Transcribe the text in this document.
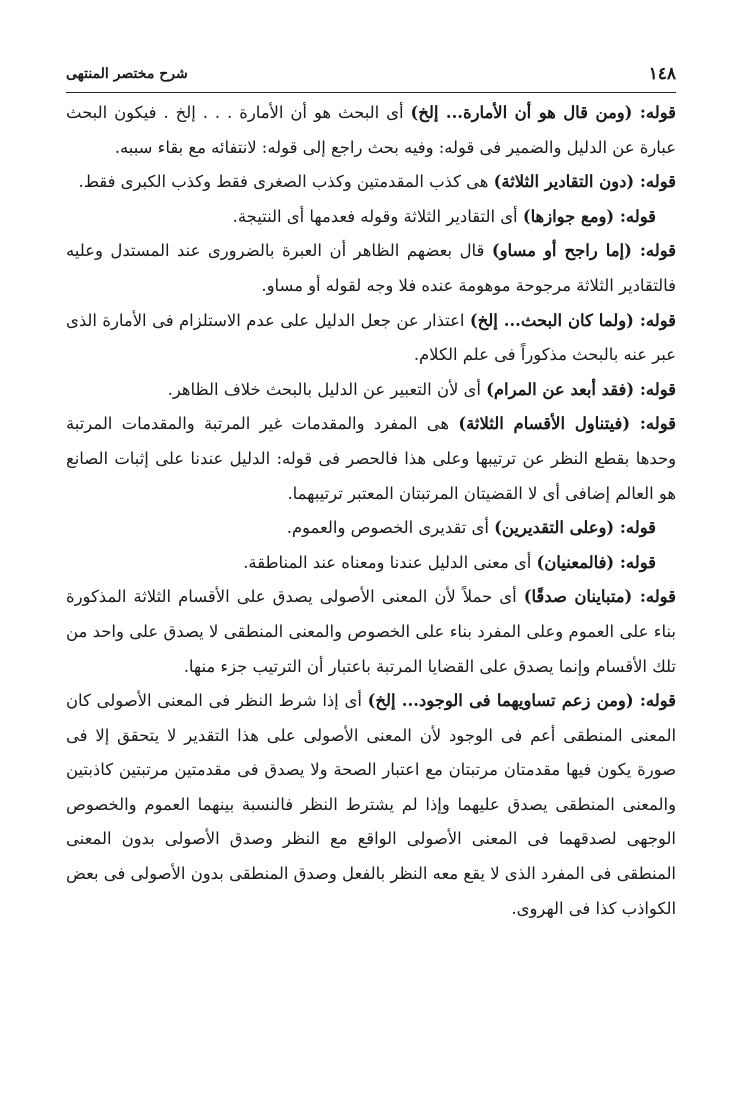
١٤٨
شرح مختصر المنتهى

قوله: (ومن قال هو أن الأمارة... إلخ) أى البحث هو أن الأمارة . . . إلخ . فيكون البحث عبارة عن الدليل والضمير فى قوله: وفيه بحث راجع إلى قوله: لانتفائه مع بقاء سببه.

قوله: (دون التقادير الثلاثة) هى كذب المقدمتين وكذب الصغرى فقط وكذب الكبرى فقط.

قوله: (ومع جوازها) أى التقادير الثلاثة وقوله فعدمها أى النتيجة.

قوله: (إما راجح أو مساو) قال بعضهم الظاهر أن العبرة بالضرورى عند المستدل وعليه فالتقادير الثلاثة مرجوحة موهومة عنده فلا وجه لقوله أو مساو.

قوله: (ولما كان البحث... إلخ) اعتذار عن جعل الدليل على عدم الاستلزام فى الأمارة الذى عبر عنه بالبحث مذكوراً فى علم الكلام.

قوله: (فقد أبعد عن المرام) أى لأن التعبير عن الدليل بالبحث خلاف الظاهر.

قوله: (فيتناول الأقسام الثلاثة) هى المفرد والمقدمات غير المرتبة والمقدمات المرتبة وحدها بقطع النظر عن ترتيبها وعلى هذا فالحصر فى قوله: الدليل عندنا على إثبات الصانع هو العالم إضافى أى لا القضيتان المرتبتان المعتبر ترتيبهما.

قوله: (وعلى التقديرين) أى تقديرى الخصوص والعموم.

قوله: (فالمعنيان) أى معنى الدليل عندنا ومعناه عند المناطقة.

قوله: (متباينان صدقًا) أى حملاً لأن المعنى الأصولى يصدق على الأقسام الثلاثة المذكورة بناء على العموم وعلى المفرد بناء على الخصوص والمعنى المنطقى لا يصدق على واحد من تلك الأقسام وإنما يصدق على القضايا المرتبة باعتبار أن الترتيب جزء منها.

قوله: (ومن زعم تساويهما فى الوجود... إلخ) أى إذا شرط النظر فى المعنى الأصولى كان المعنى المنطقى أعم فى الوجود لأن المعنى الأصولى على هذا التقدير لا يتحقق إلا فى صورة يكون فيها مقدمتان مرتبتان مع اعتبار الصحة ولا يصدق فى مقدمتين مرتبتين كاذبتين والمعنى المنطقى يصدق عليهما وإذا لم يشترط النظر فالنسبة بينهما العموم والخصوص الوجهى لصدقهما فى المعنى الأصولى الواقع مع النظر وصدق الأصولى بدون المعنى المنطقى فى المفرد الذى لا يقع معه النظر بالفعل وصدق المنطقى بدون الأصولى فى بعض الكواذب كذا فى الهروى.
